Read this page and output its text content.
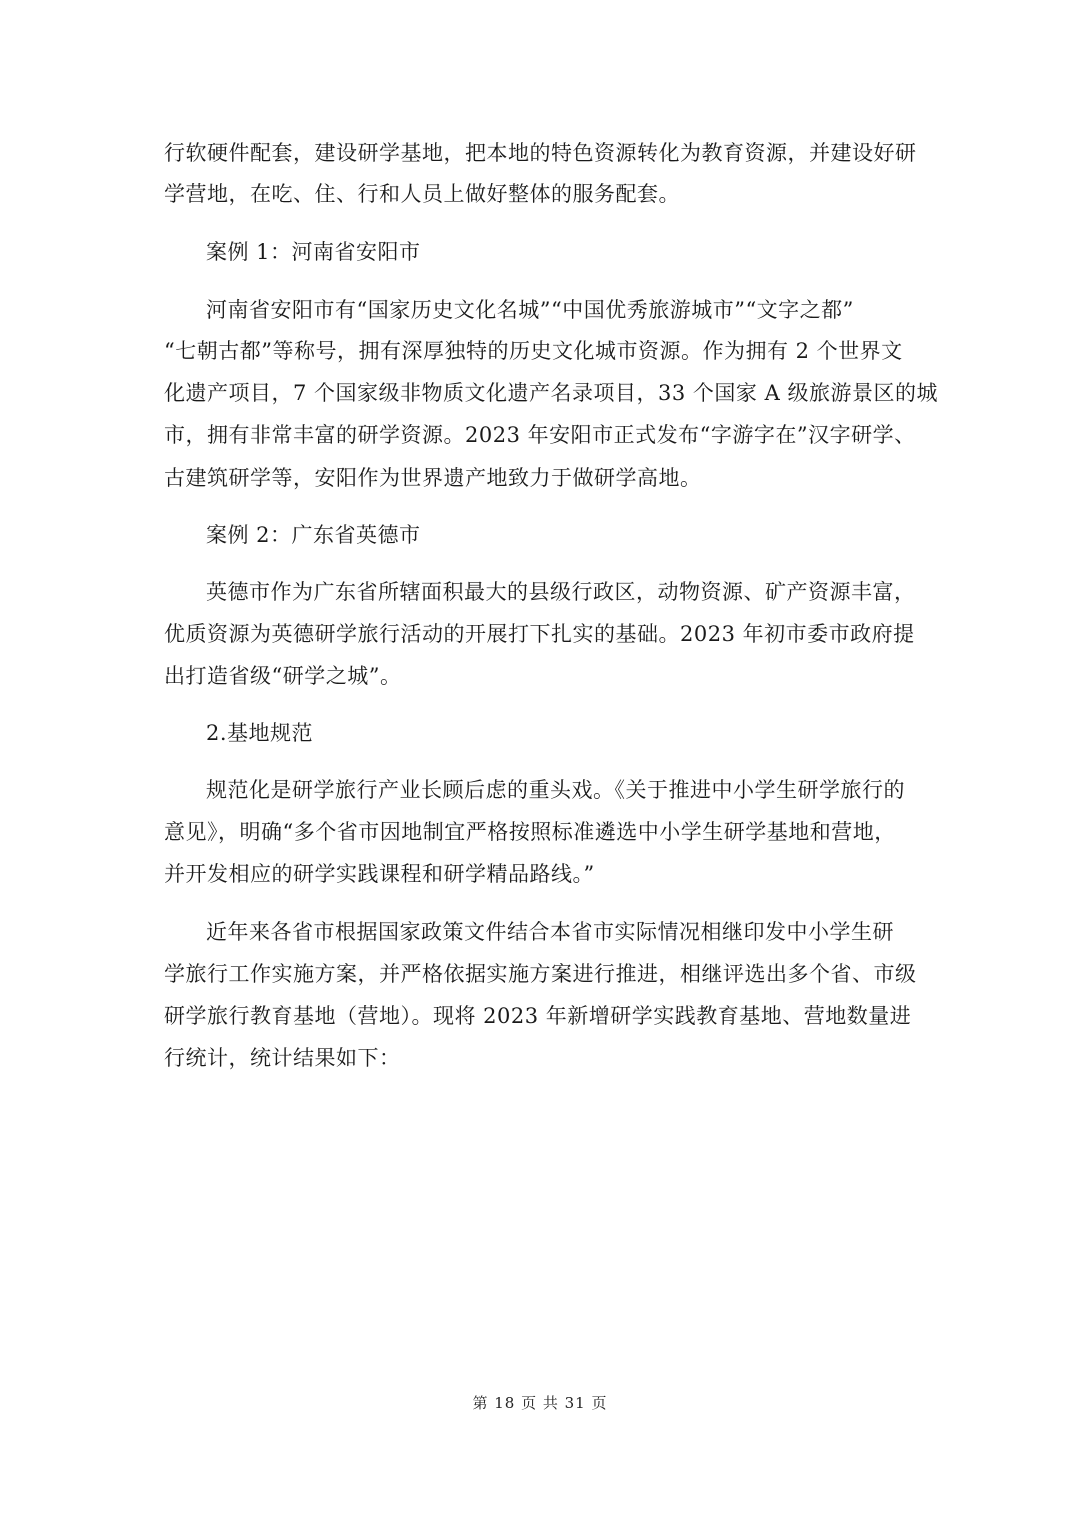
行软硬件配套，建设研学基地，把本地的特色资源转化为教育资源，并建设好研
学营地，在吃、住、行和人员上做好整体的服务配套。
案例 1：河南省安阳市
河南省安阳市有“国家历史文化名城”“中国优秀旅游城市”“文字之都”
“七朝古都”等称号，拥有深厚独特的历史文化城市资源。作为拥有 2 个世界文
化遗产项目，7 个国家级非物质文化遗产名录项目，33 个国家 A 级旅游景区的城
市，拥有非常丰富的研学资源。2023 年安阳市正式发布“字游字在”汉字研学、
古建筑研学等，安阳作为世界遗产地致力于做研学高地。
案例 2：广东省英德市
英德市作为广东省所辖面积最大的县级行政区，动物资源、矿产资源丰富，
优质资源为英德研学旅行活动的开展打下扎实的基础。2023 年初市委市政府提
出打造省级“研学之城”。
2.基地规范
规范化是研学旅行产业长顾后虑的重头戏。《关于推进中小学生研学旅行的
意见》，明确“多个省市因地制宜严格按照标准遴选中小学生研学基地和营地，
并开发相应的研学实践课程和研学精品路线。”
近年来各省市根据国家政策文件结合本省市实际情况相继印发中小学生研
学旅行工作实施方案，并严格依据实施方案进行推进，相继评选出多个省、市级
研学旅行教育基地（营地）。现将 2023 年新增研学实践教育基地、营地数量进
行统计，统计结果如下：
第 18 页 共 31 页
